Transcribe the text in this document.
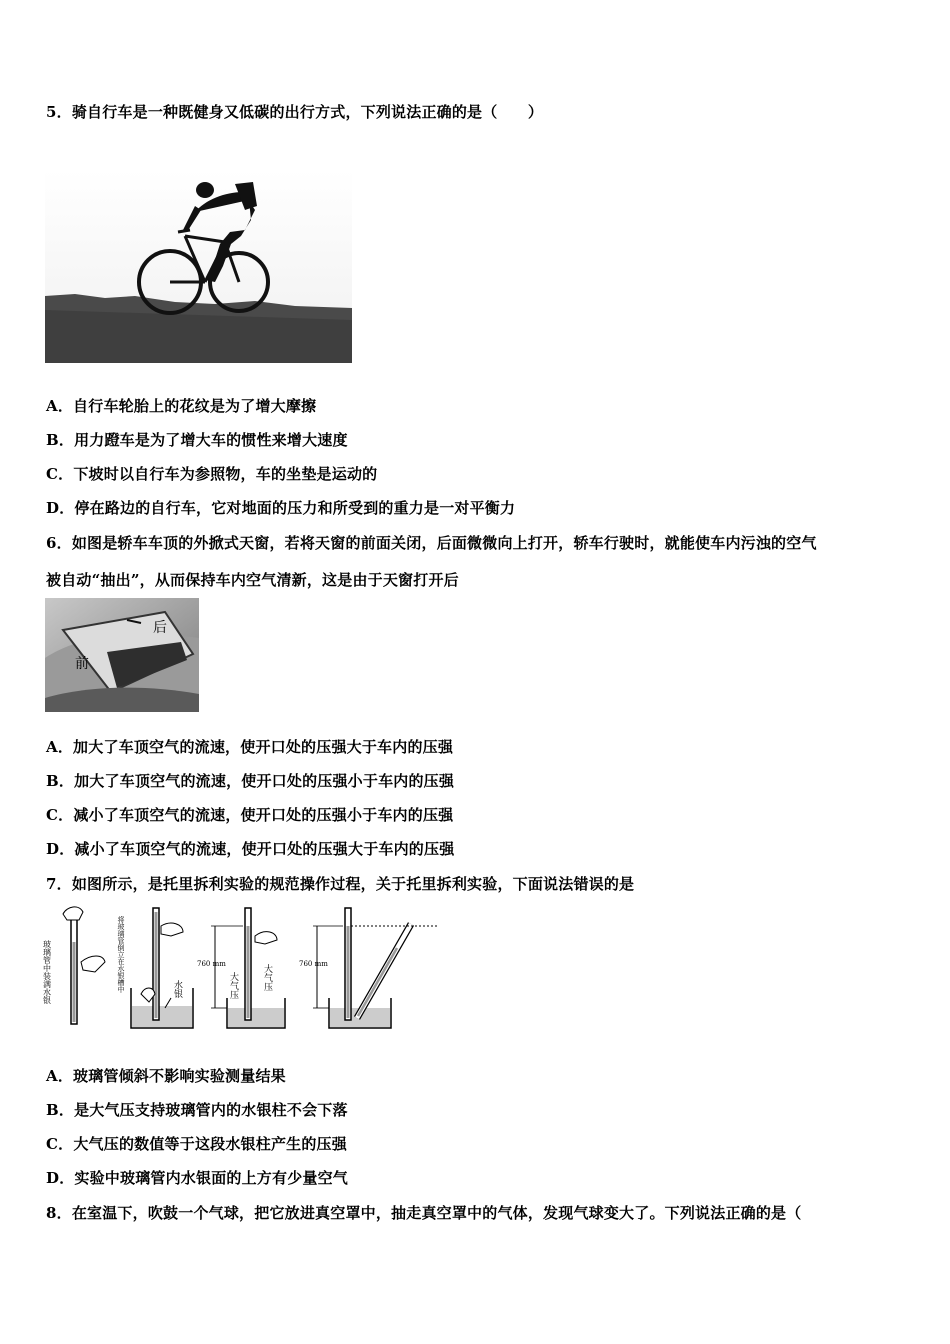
5．骑自行车是一种既健身又低碳的出行方式，下列说法正确的是（　　）
A．自行车轮胎上的花纹是为了增大摩擦
B．用力蹬车是为了增大车的惯性来增大速度
C．下坡时以自行车为参照物，车的坐垫是运动的
D．停在路边的自行车，它对地面的压力和所受到的重力是一对平衡力
6．如图是轿车车顶的外掀式天窗，若将天窗的前面关闭，后面微微向上打开，轿车行驶时，就能使车内污浊的空气
被自动“抽出”，从而保持车内空气清新，这是由于天窗打开后
后
前
A．加大了车顶空气的流速，使开口处的压强大于车内的压强
B．加大了车顶空气的流速，使开口处的压强小于车内的压强
C．减小了车顶空气的流速，使开口处的压强小于车内的压强
D．减小了车顶空气的流速，使开口处的压强大于车内的压强
7．如图所示，是托里拆利实验的规范操作过程，关于托里拆利实验，下面说法错误的是
玻璃管中装满水银	将玻璃管倒立在水银槽中	水银
760 mm
大气压	大气压	760 mm
A．玻璃管倾斜不影响实验测量结果
B．是大气压支持玻璃管内的水银柱不会下落
C．大气压的数值等于这段水银柱产生的压强
D．实验中玻璃管内水银面的上方有少量空气
8．在室温下，吹鼓一个气球，把它放进真空罩中，抽走真空罩中的气体，发现气球变大了。下列说法正确的是（
